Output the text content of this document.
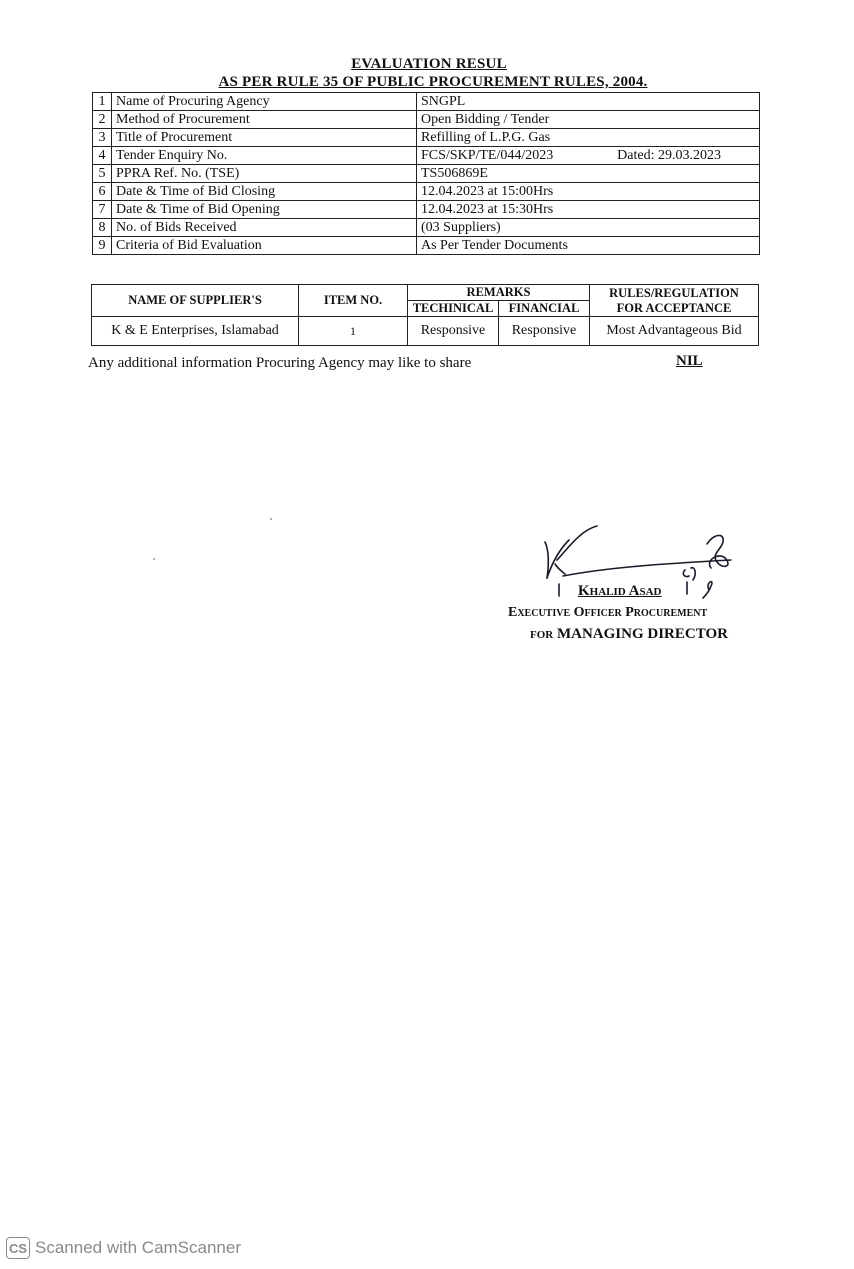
EVALUATION RESUL
AS PER RULE 35 OF PUBLIC PROCUREMENT RULES, 2004.
1	Name of Procuring Agency	SNGPL
2	Method of Procurement	Open Bidding / Tender
3	Title of Procurement	Refilling of L.P.G. Gas
4	Tender Enquiry No.	FCS/SKP/TE/044/2023 Dated: 29.03.2023

5	PPRA Ref. No. (TSE)	TS506869E
6	Date & Time of Bid Closing	12.04.2023 at 15:00Hrs
7	Date & Time of Bid Opening	12.04.2023 at 15:30Hrs
8	No. of Bids Received	(03 Suppliers)
9	Criteria of Bid Evaluation	As Per Tender Documents
NAME OF SUPPLIER'S	ITEM NO.	REMARKS		RULES/REGULATION
FOR ACCEPTANCE

		TECHINICAL	FINANCIAL	
K & E Enterprises, Islamabad	1	Responsive	Responsive	Most Advantageous Bid
Any additional information Procuring Agency may like to share	NIL
Khalid Asad
Executive Officer Procurement
for MANAGING DIRECTOR
CS Scanned with CamScanner
